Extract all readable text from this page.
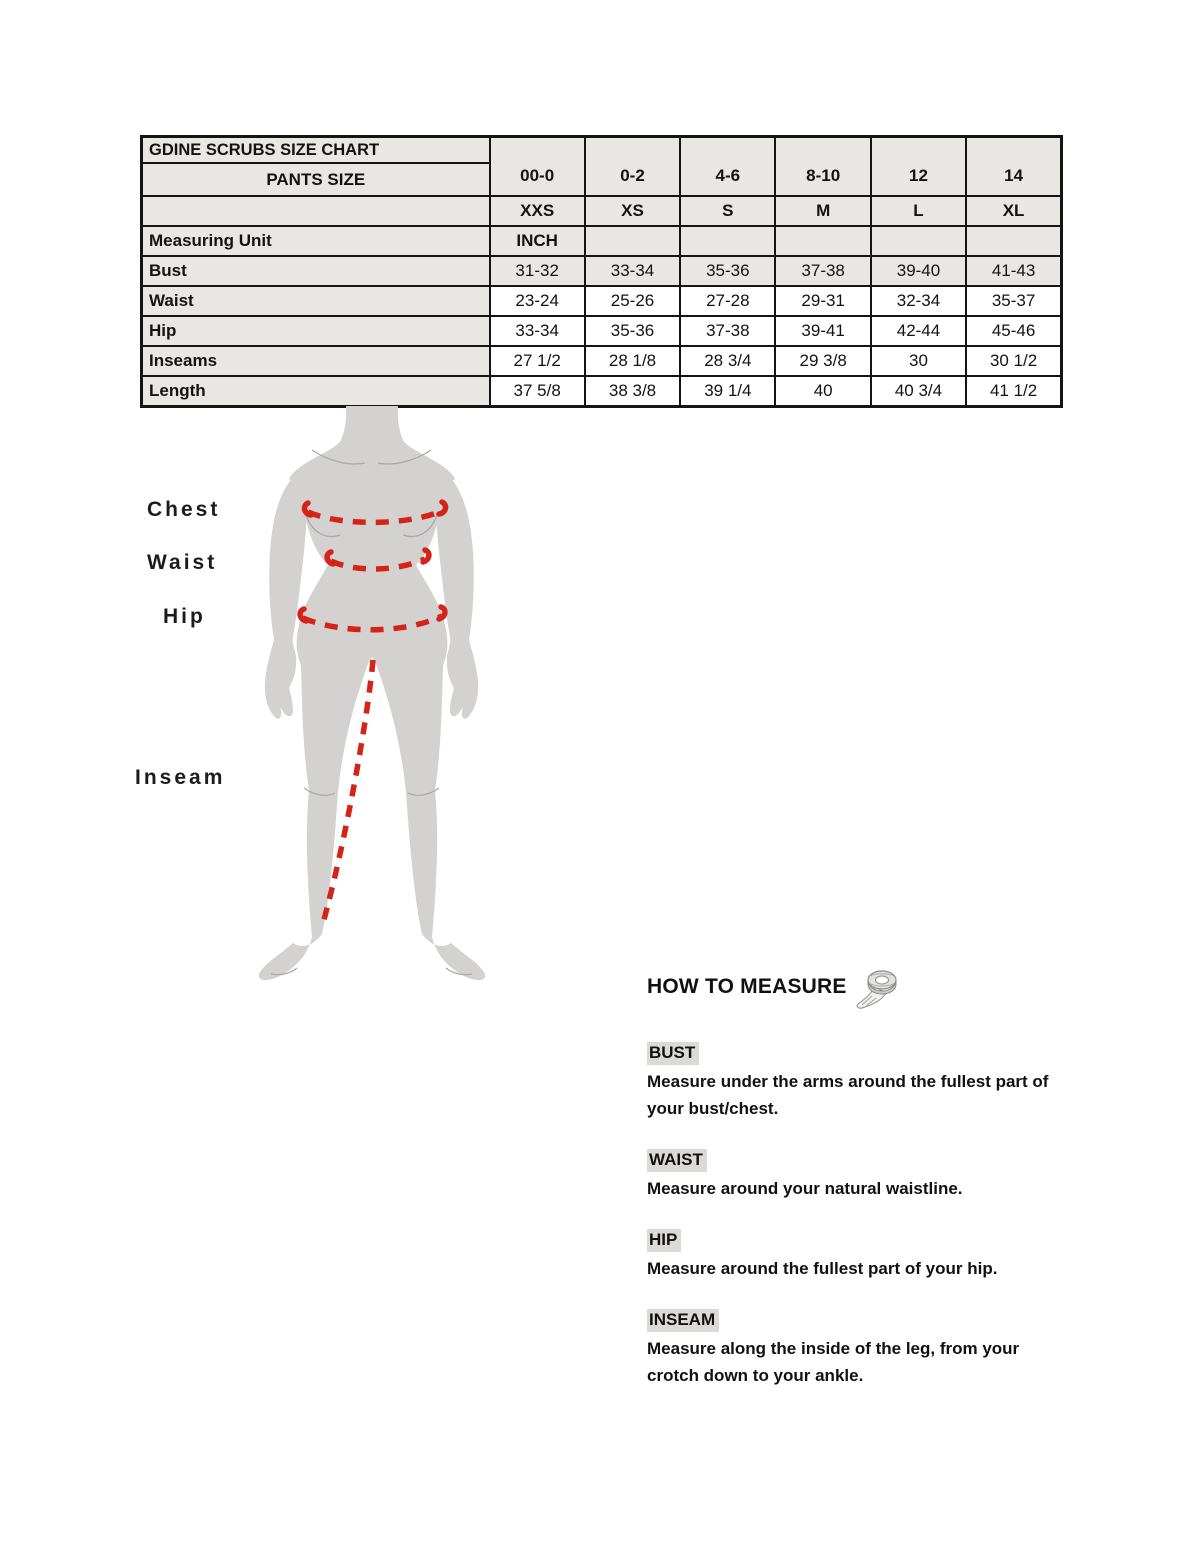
GDINE SCRUBS SIZE CHART	00-0	0-2	4-6	8-10	12	14
PANTS SIZE						
	XXS	XS	S	M	L	XL
Measuring Unit	INCH					
Bust	31-32	33-34	35-36	37-38	39-40	41-43
Waist	23-24	25-26	27-28	29-31	32-34	35-37
Hip	33-34	35-36	37-38	39-41	42-44	45-46
Inseams	27 1/2	28 1/8	28 3/4	29 3/8	30	30 1/2
Length	37 5/8	38 3/8	39 1/4	40	40 3/4	41 1/2
Chest
Waist
Hip
Inseam
HOW TO MEASURE
BUST

Measure under the arms around the fullest part of your bust/chest.

WAIST

Measure around your natural waistline.

HIP

Measure around the fullest part of your hip.

INSEAM

Measure along the inside of the leg, from your crotch down to your ankle.
